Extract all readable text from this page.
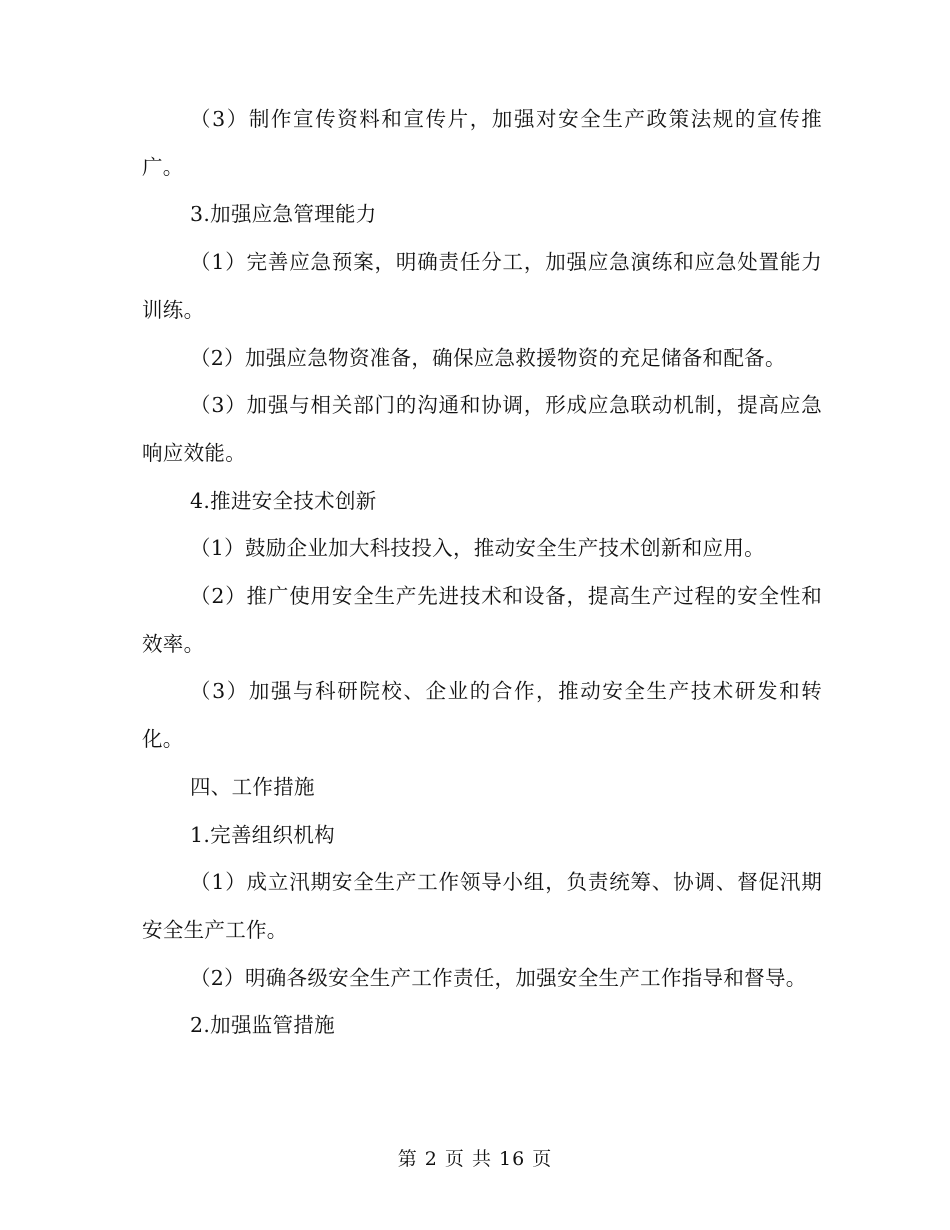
（3）制作宣传资料和宣传片，加强对安全生产政策法规的宣传推广。

3.加强应急管理能力

（1）完善应急预案，明确责任分工，加强应急演练和应急处置能力训练。

（2）加强应急物资准备，确保应急救援物资的充足储备和配备。

（3）加强与相关部门的沟通和协调，形成应急联动机制，提高应急响应效能。

4.推进安全技术创新

（1）鼓励企业加大科技投入，推动安全生产技术创新和应用。

（2）推广使用安全生产先进技术和设备，提高生产过程的安全性和效率。

（3）加强与科研院校、企业的合作，推动安全生产技术研发和转化。

四、工作措施

1.完善组织机构

（1）成立汛期安全生产工作领导小组，负责统筹、协调、督促汛期安全生产工作。

（2）明确各级安全生产工作责任，加强安全生产工作指导和督导。

2.加强监管措施

第 2 页 共 16 页
